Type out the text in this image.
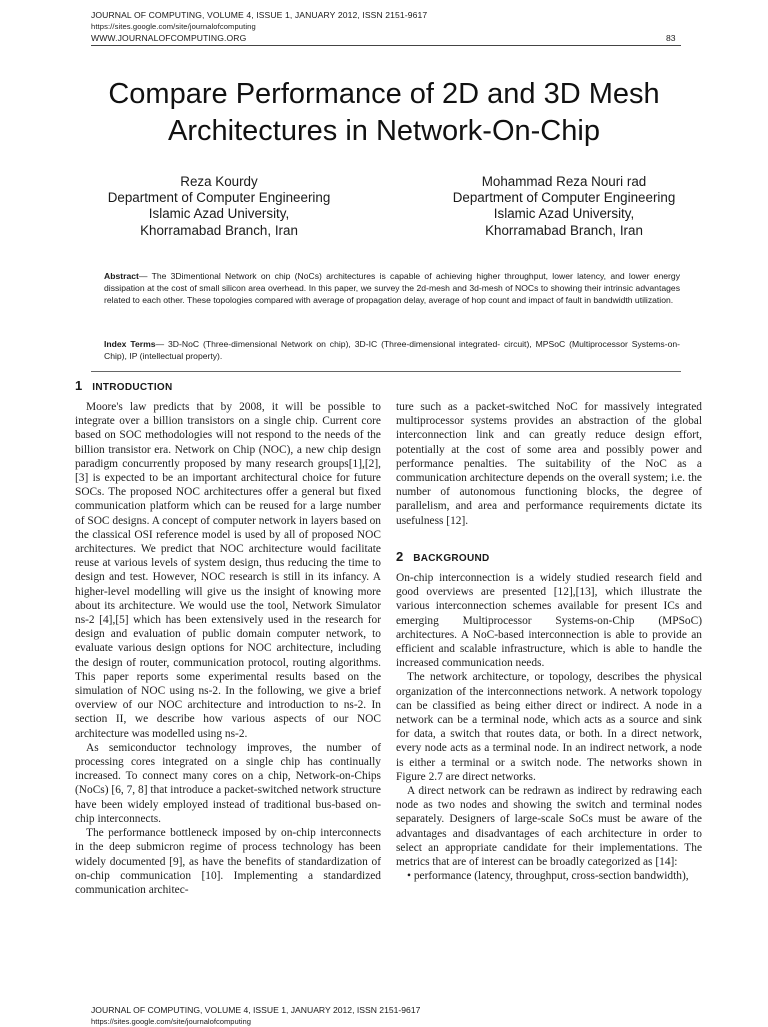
JOURNAL OF COMPUTING, VOLUME 4, ISSUE 1, JANUARY 2012, ISSN 2151-9617
https://sites.google.com/site/journalofcomputing
WWW.JOURNALOFCOMPUTING.ORG	83
Compare Performance of 2D and 3D Mesh
Architectures in Network-On-Chip
Reza Kourdy
Department of Computer Engineering
Islamic Azad University,
Khorramabad Branch, Iran
Mohammad Reza Nouri rad
Department of Computer Engineering
Islamic Azad University,
Khorramabad Branch, Iran
Abstract— The 3Dimentional Network on chip (NoCs) architectures is capable of achieving higher throughput, lower latency, and lower energy dissipation at the cost of small silicon area overhead. In this paper, we survey the 2d-mesh and 3d-mesh of NOCs to showing their intrinsic advantages related to each other. These topologies compared with average of propagation delay, average of hop count and impact of fault in bandwidth utilization.
Index Terms— 3D-NoC (Three-dimensional Network on chip), 3D-IC (Three-dimensional integrated- circuit), MPSoC (Multiprocessor Systems-on-Chip), IP (intellectual property).
1 INTRODUCTION

Moore's law predicts that by 2008, it will be possible to integrate over a billion transistors on a single chip. Current core based on SOC methodologies will not respond to the needs of the billion transistor era. Network on Chip (NOC), a new chip design paradigm concurrently proposed by many research groups[1],[2],[3] is expected to be an important architectural choice for future SOCs. The proposed NOC architectures offer a general but fixed communication platform which can be reused for a large number of SOC designs. A concept of computer network in layers based on the classical OSI reference model is used by all of proposed NOC architectures. We predict that NOC architecture would facilitate reuse at various levels of system design, thus reducing the time to design and test. However, NOC research is still in its infancy. A higher-level modelling will give us the insight of knowing more about its architecture. We would use the tool, Network Simulator ns-2 [4],[5] which has been extensively used in the research for design and evaluation of public domain computer network, to evaluate various design options for NOC architecture, including the design of router, communication protocol, routing algorithms. This paper reports some experimental results based on the simulation of NOC using ns-2. In the following, we give a brief overview of our NOC architecture and introduction to ns-2. In section II, we describe how various aspects of our NOC architecture was modelled using ns-2.

As semiconductor technology improves, the number of processing cores integrated on a single chip has continually increased. To connect many cores on a chip, Network-on-Chips (NoCs) [6, 7, 8] that introduce a packet-switched network structure have been widely employed instead of traditional bus-based on-chip interconnects.

The performance bottleneck imposed by on-chip interconnects in the deep submicron regime of process technology has been widely documented [9], as have the benefits of standardization of on-chip communication [10]. Implementing a standardized communication architec-

ture such as a packet-switched NoC for massively integrated multiprocessor systems provides an abstraction of the global interconnection link and can greatly reduce design effort, potentially at the cost of some area and possibly power and performance penalties. The suitability of the NoC as a communication architecture depends on the overall system; i.e. the number of autonomous functioning blocks, the degree of parallelism, and area and performance requirements dictate its usefulness [12].

2 BACKGROUND

On-chip interconnection is a widely studied research field and good overviews are presented [12],[13], which illustrate the various interconnection schemes available for present ICs and emerging Multiprocessor Systems-on-Chip (MPSoC) architectures. A NoC-based interconnection is able to provide an efficient and scalable infrastructure, which is able to handle the increased communication needs.

The network architecture, or topology, describes the physical organization of the interconnections network. A network topology can be classified as being either direct or indirect. A node in a network can be a terminal node, which acts as a source and sink for data, a switch that routes data, or both. In a direct network, every node acts as a terminal node. In an indirect network, a node is either a terminal or a switch node. The networks shown in Figure 2.7 are direct networks.

A direct network can be redrawn as indirect by redrawing each node as two nodes and showing the switch and terminal nodes separately. Designers of large-scale SoCs must be aware of the advantages and disadvantages of each architecture in order to select an appropriate candidate for their implementations. The metrics that are of interest can be broadly categorized as [14]:

• performance (latency, throughput, cross-section bandwidth),

JOURNAL OF COMPUTING, VOLUME 4, ISSUE 1, JANUARY 2012, ISSN 2151-9617
https://sites.google.com/site/journalofcomputing
